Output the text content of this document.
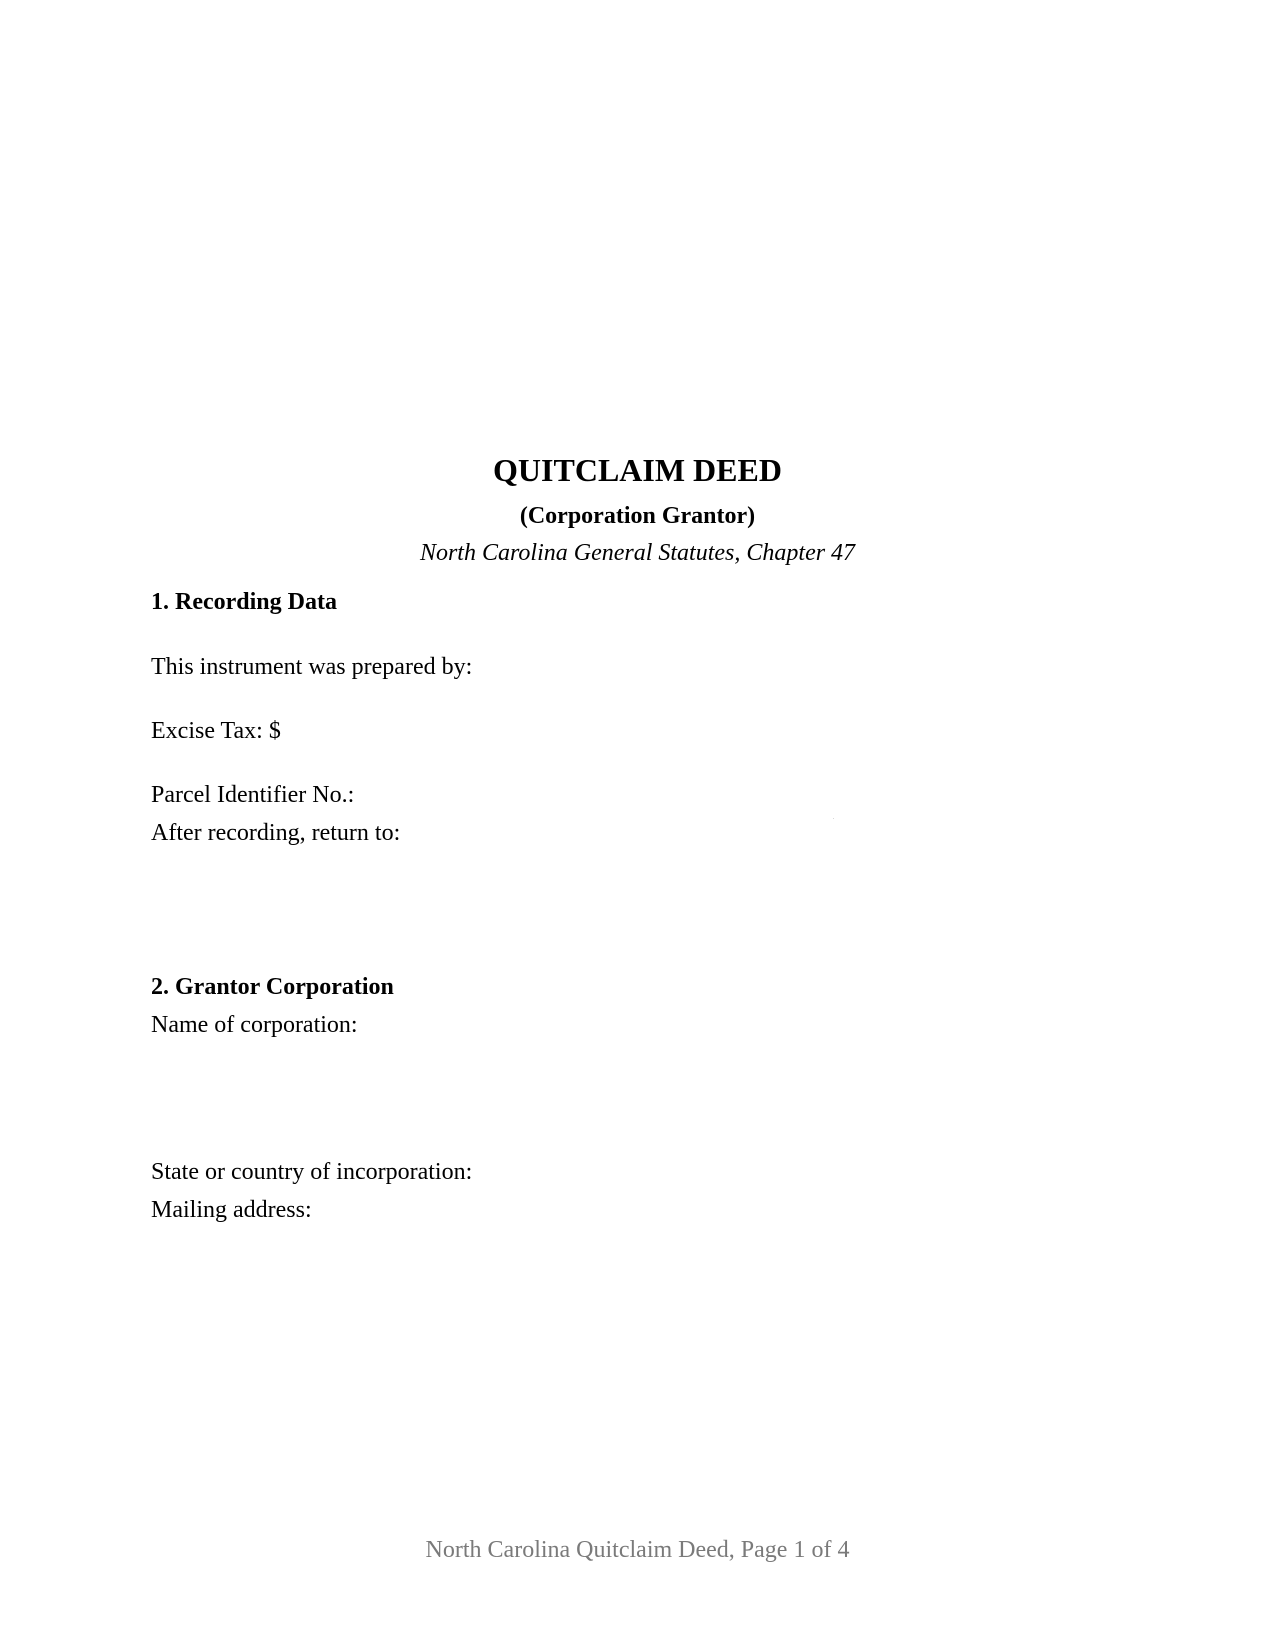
QUITCLAIM DEED
(Corporation Grantor)
North Carolina General Statutes, Chapter 47
1. Recording Data
This instrument was prepared by:
Excise Tax: $
Parcel Identifier No.:
After recording, return to:
2. Grantor Corporation
Name of corporation:
State or country of incorporation:
Mailing address:
North Carolina Quitclaim Deed, Page 1 of 4
